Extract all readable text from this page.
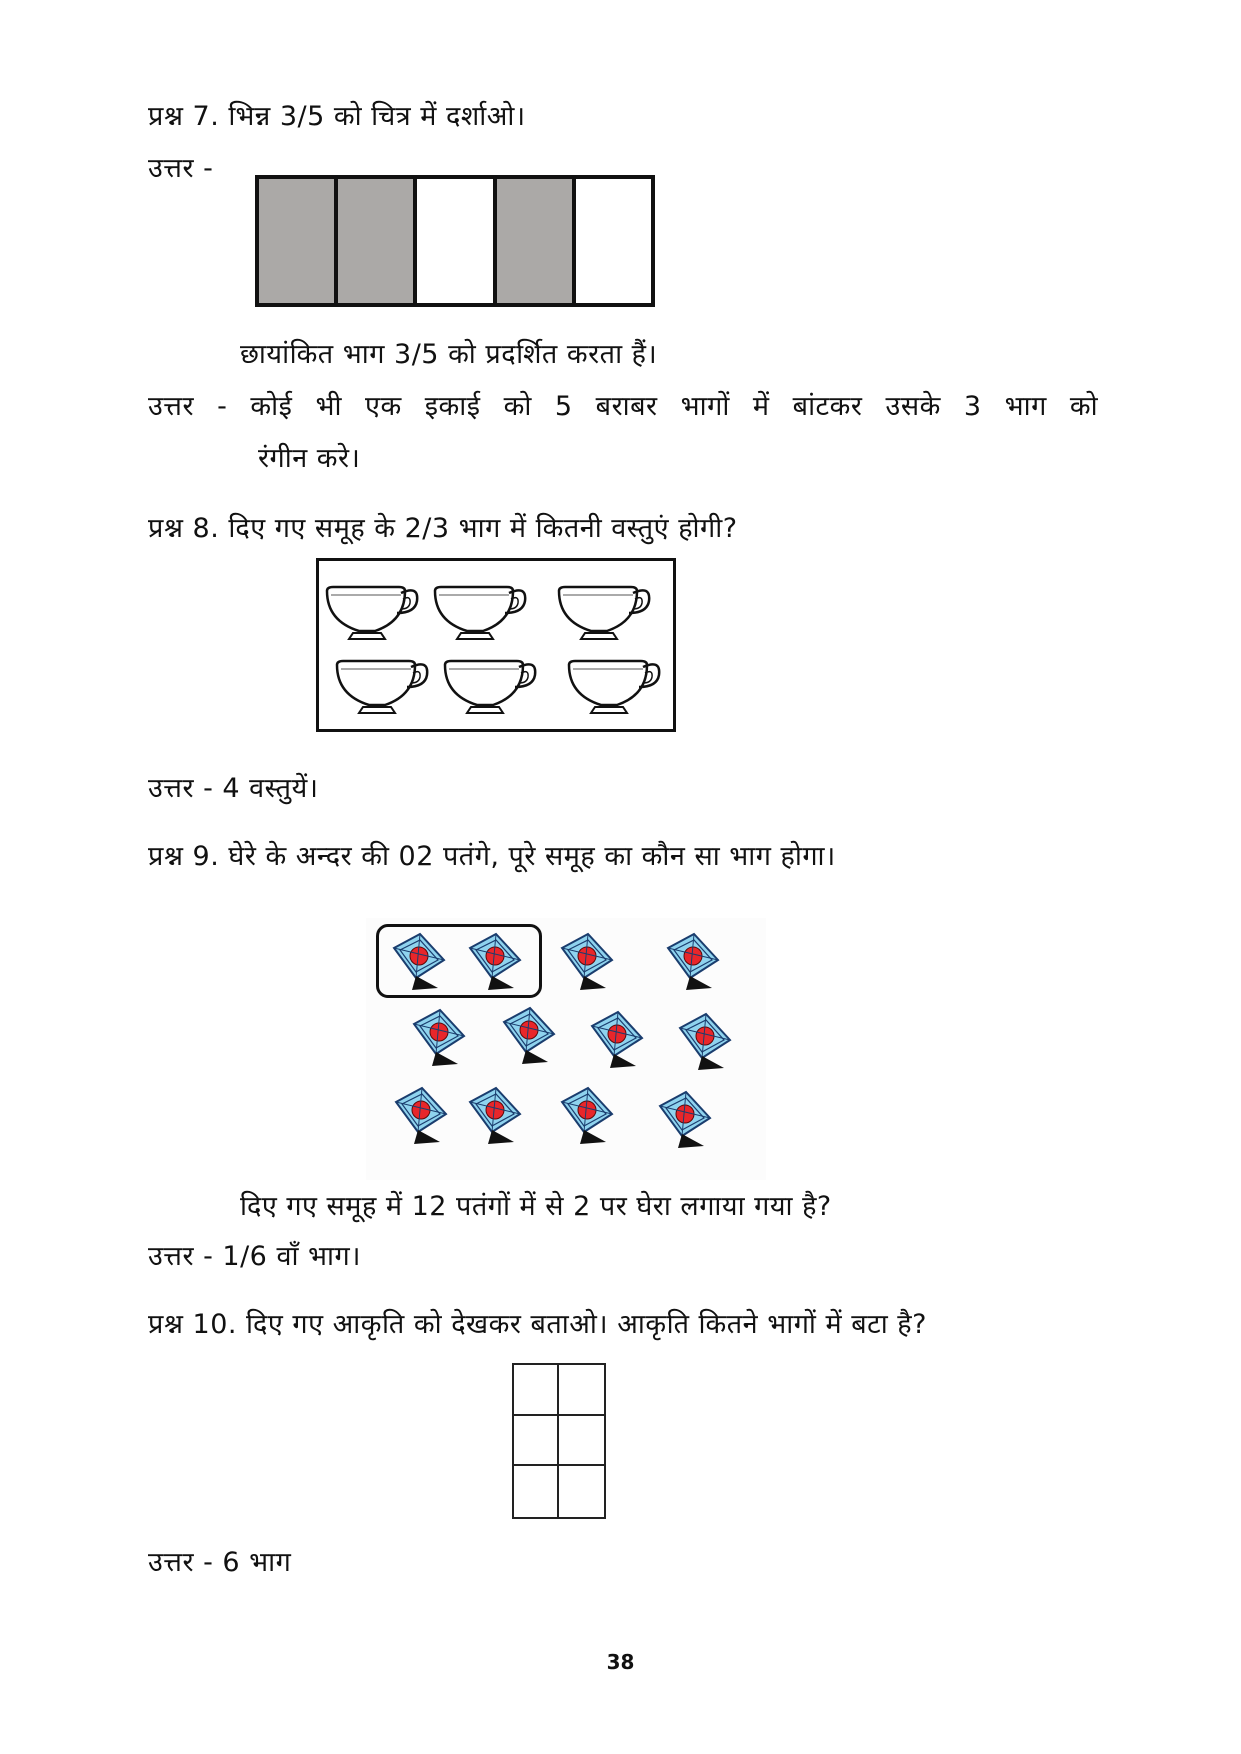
प्रश्न 7. भिन्न 3/5 को चित्र में दर्शाओ।
उत्तर -
छायांकित भाग 3/5 को प्रदर्शित करता हैं।
उत्तर - कोई भी एक इकाई को 5 बराबर भागों में बांटकर उसके 3 भाग को
रंगीन करे।
प्रश्न 8. दिए गए समूह के 2/3 भाग में कितनी वस्तुएं होगी?
उत्तर - 4 वस्तुयें।
प्रश्न 9. घेरे के अन्दर की 02 पतंगे, पूरे समूह का कौन सा भाग होगा।
दिए गए समूह में 12 पतंगों में से 2 पर घेरा लगाया गया है?
उत्तर - 1/6 वाँ भाग।
प्रश्न 10. दिए गए आकृति को देखकर बताओ। आकृति कितने भागों में बटा है?
उत्तर - 6 भाग
38
